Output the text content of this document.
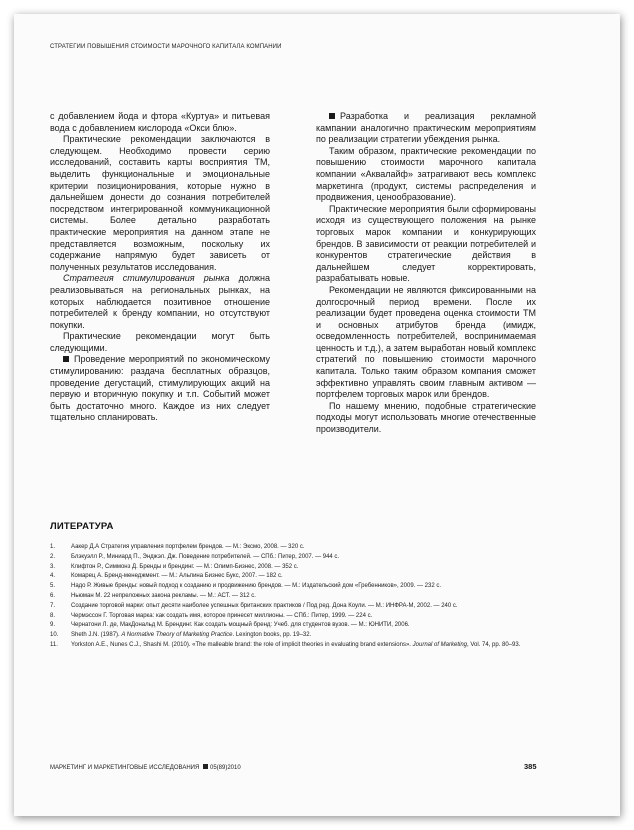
СТРАТЕГИИ ПОВЫШЕНИЯ СТОИМОСТИ МАРОЧНОГО КАПИТАЛА КОМПАНИИ

с добавлением йода и фтора «Куртуа» и питьевая вода с добавлением кислорода «Окси блю».

Практические рекомендации заключаются в следующем. Необходимо провести серию исследований, составить карты восприятия ТМ, выделить функциональные и эмоциональные критерии позиционирования, которые нужно в дальнейшем донести до сознания потребителей посредством интегрированной коммуникационной системы. Более детально разработать практические мероприятия на данном этапе не представляется возможным, поскольку их содержание напрямую будет зависеть от полученных результатов исследования.

Стратегия стимулирования рынка должна реализовываться на региональных рынках, на которых наблюдается позитивное отношение потребителей к бренду компании, но отсутствуют покупки.

Практические рекомендации могут быть следующими.

Проведение мероприятий по экономическому стимулированию: раздача бесплатных образцов, проведение дегустаций, стимулирующих акций на первую и вторичную покупку и т.п. Событий может быть достаточно много. Каждое из них следует тщательно спланировать.

Разработка и реализация рекламной кампании аналогично практическим мероприятиям по реализации стратегии убеждения рынка.

Таким образом, практические рекомендации по повышению стоимости марочного капитала компании «Аквалайф» затрагивают весь комплекс маркетинга (продукт, системы распределения и продвижения, ценообразование).

Практические мероприятия были сформированы исходя из существующего положения на рынке торговых марок компании и конкурирующих брендов. В зависимости от реакции потребителей и конкурентов стратегические действия в дальнейшем следует корректировать, разрабатывать новые.

Рекомендации не являются фиксированными на долгосрочный период времени. После их реализации будет проведена оценка стоимости ТМ и основных атрибутов бренда (имидж, осведомленность потребителей, воспринимаемая ценность и т.д.), а затем выработан новый комплекс стратегий по повышению стоимости марочного капитала. Только таким образом компания сможет эффективно управлять своим главным активом — портфелем торговых марок или брендов.

По нашему мнению, подобные стратегические подходы могут использовать многие отечественные производители.

ЛИТЕРАТУРА
1.	Аакер Д.А Стратегия управления портфелем брендов. — М.: Эксмо, 2008. — 320 с.
2.	Блэкуэлл Р., Миниард П., Энджэл. Дж. Поведение потребителей. — СПб.: Питер, 2007. — 944 с.
3.	Клифтон Р., Симмонз Д. Бренды и брендинг. — М.: Олимп-Бизнес, 2008. — 352 с.
4.	Комарец А. Бренд-менеджмент. — М.: Альпина Бизнес Букс, 2007. — 182 с.
5.	Надо Р. Живые бренды: новый подход к созданию и продвижению брендов. — М.: Издательский дом «Гребенников», 2009. — 232 с.
6.	Ньюман М. 22 непреложных закона рекламы. — М.: АСТ. — 312 с.
7.	Создание торговой марки: опыт десяти наиболее успешных британских практиков / Под ред. Дона Коули. — М.: ИНФРА-М, 2002. — 240 с.
8.	Чермэссон Г. Торговая марка: как создать имя, которое принесет миллионы. — СПб.: Питер, 1999. — 224 с.
9.	Чернатони Л. де, МакДональд М. Брендинг. Как создать мощный бренд: Учеб. для студентов вузов. — М.: ЮНИТИ, 2006.
10. Sheth J.N. (1987). A Normative Theory of Marketing Practice. Lexington books, pp. 19–32.
11. Yorkston A.E., Nunes C.J., Shashi M. (2010). «The malleable brand: the role of implicit theories in evaluating brand extensions». Journal of Marketing, Vol. 74, pp. 80–93.
МАРКЕТИНГ И МАРКЕТИНГОВЫЕ ИССЛЕДОВАНИЯ 05(89)2010	385
